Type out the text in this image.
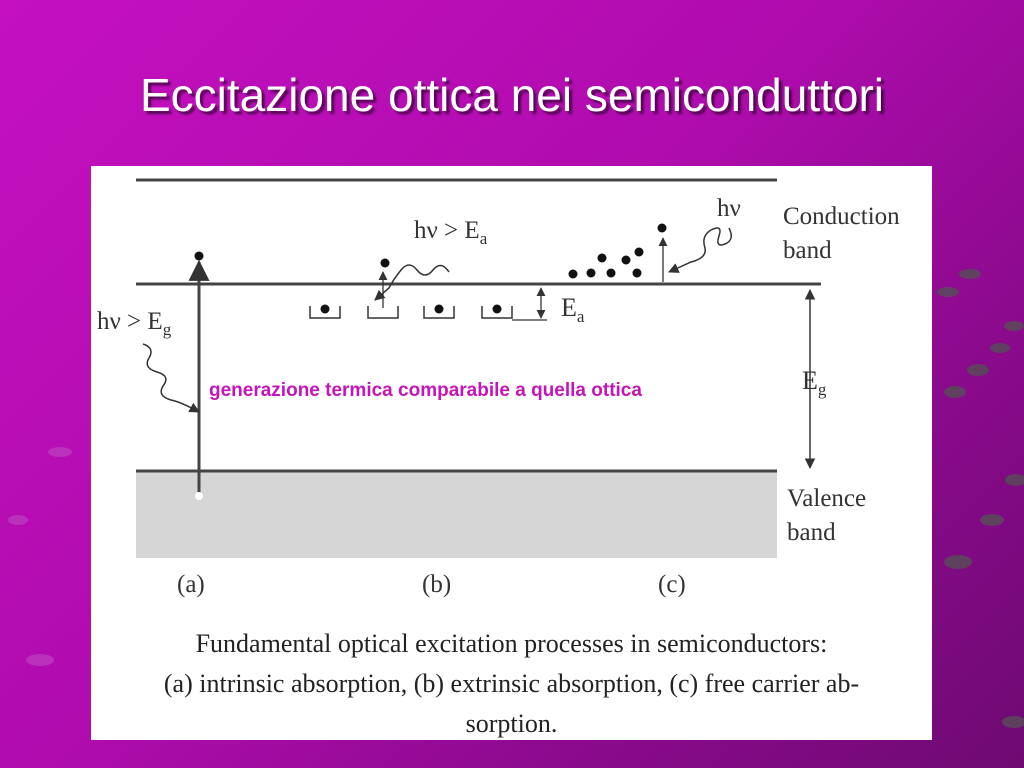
Eccitazione ottica nei semiconduttori
Conduction
band
Valence
band
$E_g$
$h\nu > E_g$
$h\nu > E_a$
$E_a$
hν
(a)	(b)	(c)
generazione termica comparabile a quella ottica
Fundamental optical excitation processes in semiconductors:
(a) intrinsic absorption, (b) extrinsic absorption, (c) free carrier ab-
sorption.
